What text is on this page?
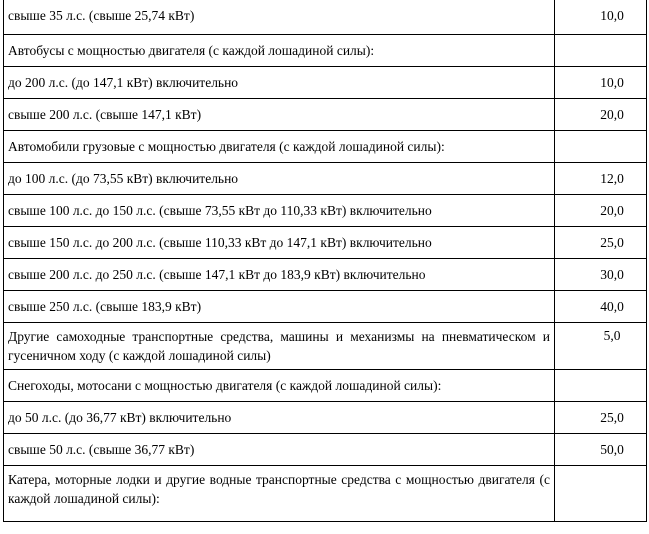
свыше 35 л.с. (свыше 25,74 кВт)	10,0
Автобусы с мощностью двигателя (с каждой лошадиной силы):	
до 200 л.с. (до 147,1 кВт) включительно	10,0
свыше 200 л.с. (свыше 147,1 кВт)	20,0
Автомобили грузовые с мощностью двигателя (с каждой лошадиной силы):	
до 100 л.с. (до 73,55 кВт) включительно	12,0
свыше 100 л.с. до 150 л.с. (свыше 73,55 кВт до 110,33 кВт) включительно	20,0
свыше 150 л.с. до 200 л.с. (свыше 110,33 кВт до 147,1 кВт) включительно	25,0
свыше 200 л.с. до 250 л.с. (свыше 147,1 кВт до 183,9 кВт) включительно	30,0
свыше 250 л.с. (свыше 183,9 кВт)	40,0
Другие самоходные транспортные средства, машины и механизмы на пневматическом и гусеничном ходу (с каждой лошадиной силы)	5,0
Снегоходы, мотосани с мощностью двигателя (с каждой лошадиной силы):	
до 50 л.с. (до 36,77 кВт) включительно	25,0
свыше 50 л.с. (свыше 36,77 кВт)	50,0
Катера, моторные лодки и другие водные транспортные средства с мощностью двигателя (с каждой лошадиной силы):	
